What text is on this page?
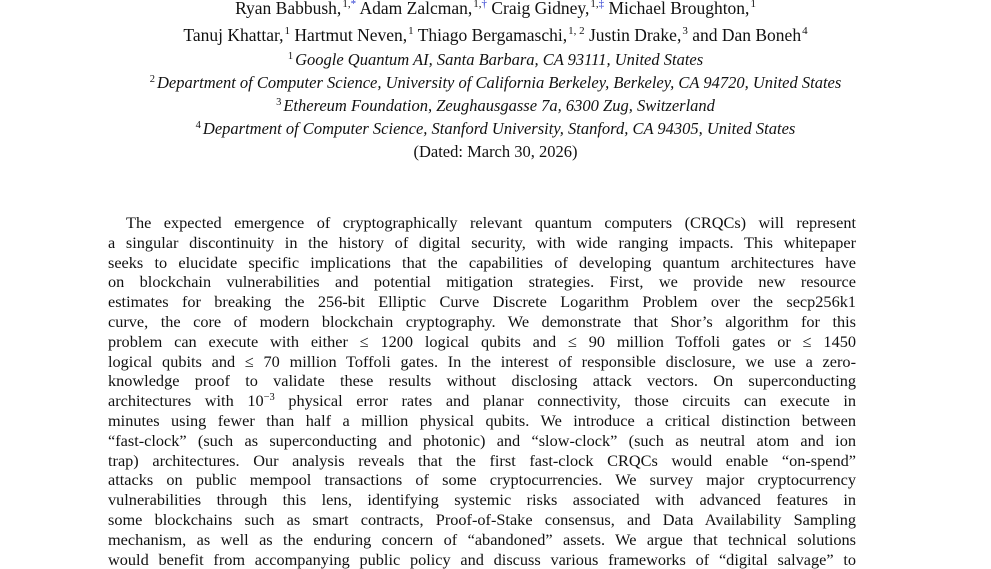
Ryan Babbush,$^{1,*}$ Adam Zalcman,$^{1,\dagger}$ Craig Gidney,$^{1,\ddagger}$ Michael Broughton,$^1$
Tanuj Khattar,$^1$ Hartmut Neven,$^1$ Thiago Bergamaschi,$^{1, 2}$ Justin Drake,$^3$ and Dan Boneh$^4$
$^1$ Google Quantum AI, Santa Barbara, CA 93111, United States
$^2$ Department of Computer Science, University of California Berkeley, Berkeley, CA 94720, United States
$^3$ Ethereum Foundation, Zeughausgasse 7a, 6300 Zug, Switzerland
$^4$ Department of Computer Science, Stanford University, Stanford, CA 94305, United States
(Dated: March 30, 2026)
The expected emergence of cryptographically relevant quantum computers (CRQCs) will represent
a singular discontinuity in the history of digital security, with wide ranging impacts. This whitepaper
seeks to elucidate specific implications that the capabilities of developing quantum architectures have
on blockchain vulnerabilities and potential mitigation strategies. First, we provide new resource
estimates for breaking the 256-bit Elliptic Curve Discrete Logarithm Problem over the secp256k1
curve, the core of modern blockchain cryptography. We demonstrate that Shor’s algorithm for this
problem can execute with either ≤ 1200 logical qubits and ≤ 90 million Toffoli gates or ≤ 1450
logical qubits and ≤ 70 million Toffoli gates. In the interest of responsible disclosure, we use a zero-
knowledge proof to validate these results without disclosing attack vectors. On superconducting
architectures with $10^{-3}$ physical error rates and planar connectivity, those circuits can execute in
minutes using fewer than half a million physical qubits. We introduce a critical distinction between
“fast-clock” (such as superconducting and photonic) and “slow-clock” (such as neutral atom and ion
trap) architectures. Our analysis reveals that the first fast-clock CRQCs would enable “on-spend”
attacks on public mempool transactions of some cryptocurrencies. We survey major cryptocurrency
vulnerabilities through this lens, identifying systemic risks associated with advanced features in
some blockchains such as smart contracts, Proof-of-Stake consensus, and Data Availability Sampling
mechanism, as well as the enduring concern of “abandoned” assets. We argue that technical solutions
would benefit from accompanying public policy and discuss various frameworks of “digital salvage” to
